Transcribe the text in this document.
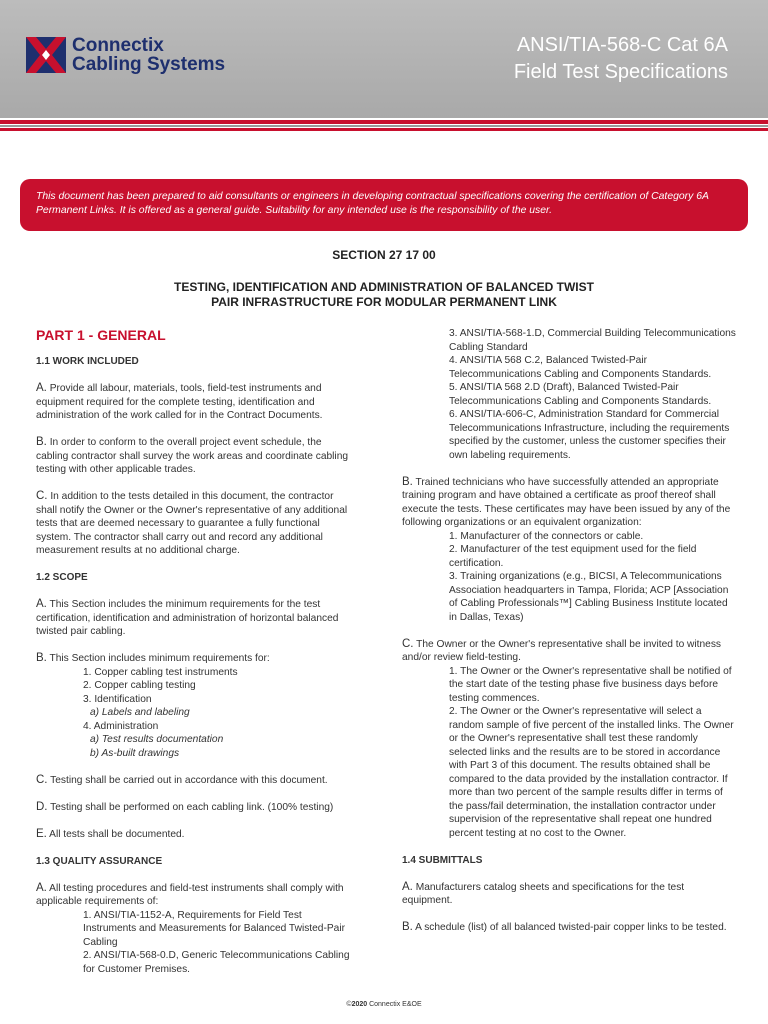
Connectix
Cabling Systems
ANSI/TIA-568-C Cat 6A
Field Test Specifications
This document has been prepared to aid consultants or engineers in developing contractual specifications covering the certification of Category 6A Permanent Links. It is offered as a general guide. Suitability for any intended use is the responsibility of the user.
SECTION 27 17 00
TESTING, IDENTIFICATION AND ADMINISTRATION OF BALANCED TWIST
PAIR INFRASTRUCTURE FOR MODULAR PERMANENT LINK

PART 1 - GENERAL

1.1 WORK INCLUDED

A. Provide all labour, materials, tools, field-test instruments and equipment required for the complete testing, identification and administration of the work called for in the Contract Documents.

B. In order to conform to the overall project event schedule, the cabling contractor shall survey the work areas and coordinate cabling testing with other applicable trades.

C. In addition to the tests detailed in this document, the contractor shall notify the Owner or the Owner's representative of any additional tests that are deemed necessary to guarantee a fully functional system. The contractor shall carry out and record any additional measurement results at no additional charge.

1.2 SCOPE

A. This Section includes the minimum requirements for the test certification, identification and administration of horizontal balanced twisted pair cabling.

B. This Section includes minimum requirements for:

1. Copper cabling test instruments

2. Copper cabling testing

3. Identification

a) Labels and labeling

4. Administration

a) Test results documentation

b) As-built drawings

C. Testing shall be carried out in accordance with this document.

D. Testing shall be performed on each cabling link. (100% testing)

E. All tests shall be documented.

1.3 QUALITY ASSURANCE

A. All testing procedures and field-test instruments shall comply with applicable requirements of:

1. ANSI/TIA-1152-A, Requirements for Field Test Instruments and Measurements for Balanced Twisted-Pair Cabling

2. ANSI/TIA-568-0.D, Generic Telecommunications Cabling for Customer Premises.

3. ANSI/TIA-568-1.D, Commercial Building Telecommunications Cabling Standard

4. ANSI/TIA 568 C.2, Balanced Twisted-Pair Telecommunications Cabling and Components Standards.

5. ANSI/TIA 568 2.D (Draft), Balanced Twisted-Pair Telecommunications Cabling and Components Standards.

6. ANSI/TIA-606-C, Administration Standard for Commercial Telecommunications Infrastructure, including the requirements specified by the customer, unless the customer specifies their own labeling requirements.

B. Trained technicians who have successfully attended an appropriate training program and have obtained a certificate as proof thereof shall execute the tests. These certificates may have been issued by any of the following organizations or an equivalent organization:

1. Manufacturer of the connectors or cable.

2. Manufacturer of the test equipment used for the field certification.

3. Training organizations (e.g., BICSI, A Telecommunications Association headquarters in Tampa, Florida; ACP [Association of Cabling Professionals™] Cabling Business Institute located in Dallas, Texas)

C. The Owner or the Owner's representative shall be invited to witness and/or review field-testing.

1. The Owner or the Owner's representative shall be notified of the start date of the testing phase five business days before testing commences.

2. The Owner or the Owner's representative will select a random sample of five percent of the installed links. The Owner or the Owner's representative shall test these randomly selected links and the results are to be stored in accordance with Part 3 of this document. The results obtained shall be compared to the data provided by the installation contractor. If more than two percent of the sample results differ in terms of the pass/fail determination, the installation contractor under supervision of the representative shall repeat one hundred percent testing at no cost to the Owner.

1.4 SUBMITTALS

A. Manufacturers catalog sheets and specifications for the test equipment.

B. A schedule (list) of all balanced twisted-pair copper links to be tested.

©2020 Connectix E&OE
